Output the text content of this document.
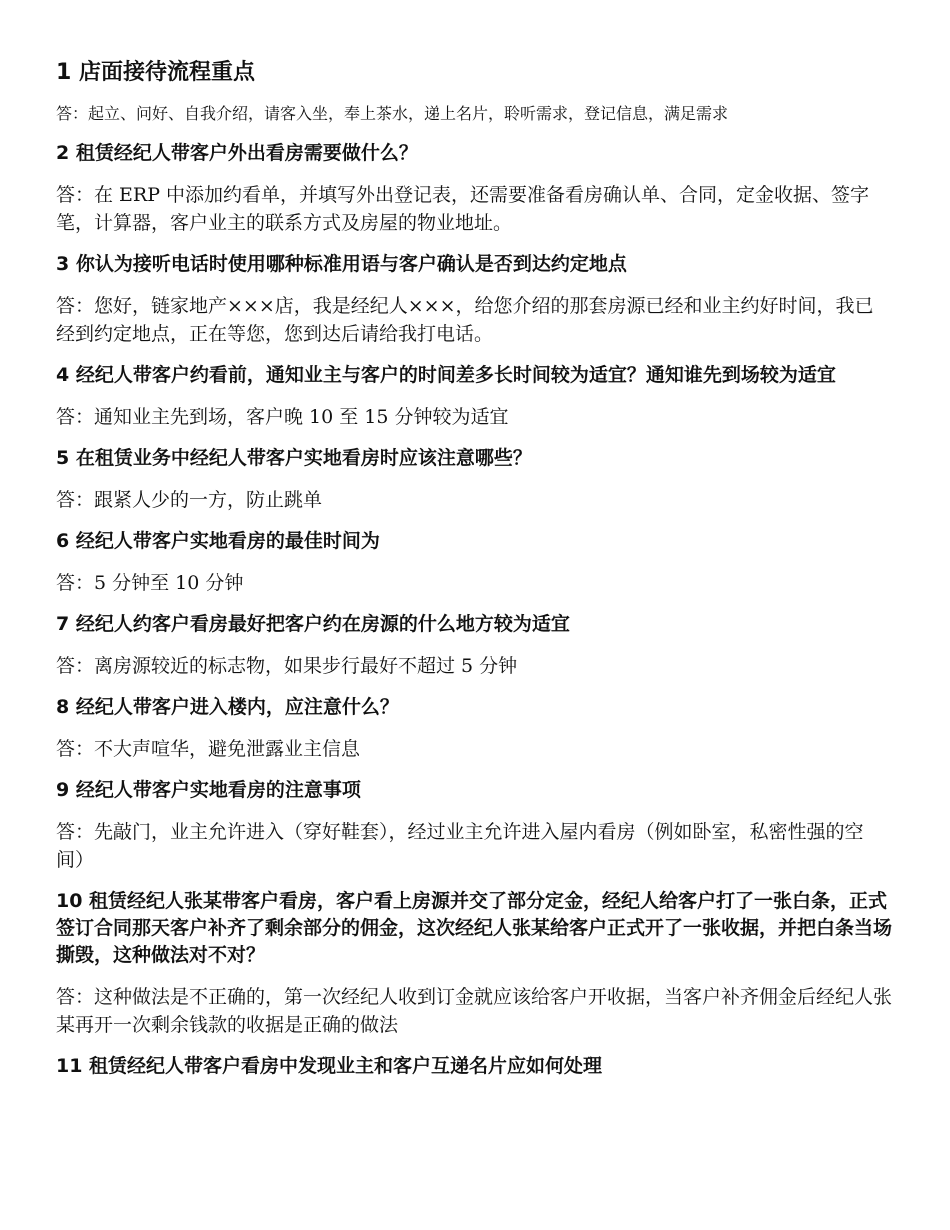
1 店面接待流程重点

答：起立、问好、自我介绍，请客入坐，奉上茶水，递上名片，聆听需求，登记信息，满足需求

2 租赁经纪人带客户外出看房需要做什么？

答：在 ERP 中添加约看单，并填写外出登记表，还需要准备看房确认单、合同，定金收据、签字笔，计算器，客户业主的联系方式及房屋的物业地址。

3 你认为接听电话时使用哪种标准用语与客户确认是否到达约定地点

答：您好，链家地产×××店，我是经纪人×××，给您介绍的那套房源已经和业主约好时间，我已经到约定地点，正在等您，您到达后请给我打电话。

4 经纪人带客户约看前，通知业主与客户的时间差多长时间较为适宜？通知谁先到场较为适宜

答：通知业主先到场，客户晚 10 至 15 分钟较为适宜

5 在租赁业务中经纪人带客户实地看房时应该注意哪些？

答：跟紧人少的一方，防止跳单

6 经纪人带客户实地看房的最佳时间为

答：5 分钟至 10 分钟

7 经纪人约客户看房最好把客户约在房源的什么地方较为适宜

答：离房源较近的标志物，如果步行最好不超过 5 分钟

8 经纪人带客户进入楼内，应注意什么？

答：不大声喧华，避免泄露业主信息

9 经纪人带客户实地看房的注意事项

答：先敲门，业主允许进入（穿好鞋套），经过业主允许进入屋内看房（例如卧室，私密性强的空间）

10 租赁经纪人张某带客户看房，客户看上房源并交了部分定金，经纪人给客户打了一张白条，正式签订合同那天客户补齐了剩余部分的佣金，这次经纪人张某给客户正式开了一张收据，并把白条当场撕毁，这种做法对不对？

答：这种做法是不正确的，第一次经纪人收到订金就应该给客户开收据，当客户补齐佣金后经纪人张某再开一次剩余钱款的收据是正确的做法

11 租赁经纪人带客户看房中发现业主和客户互递名片应如何处理
